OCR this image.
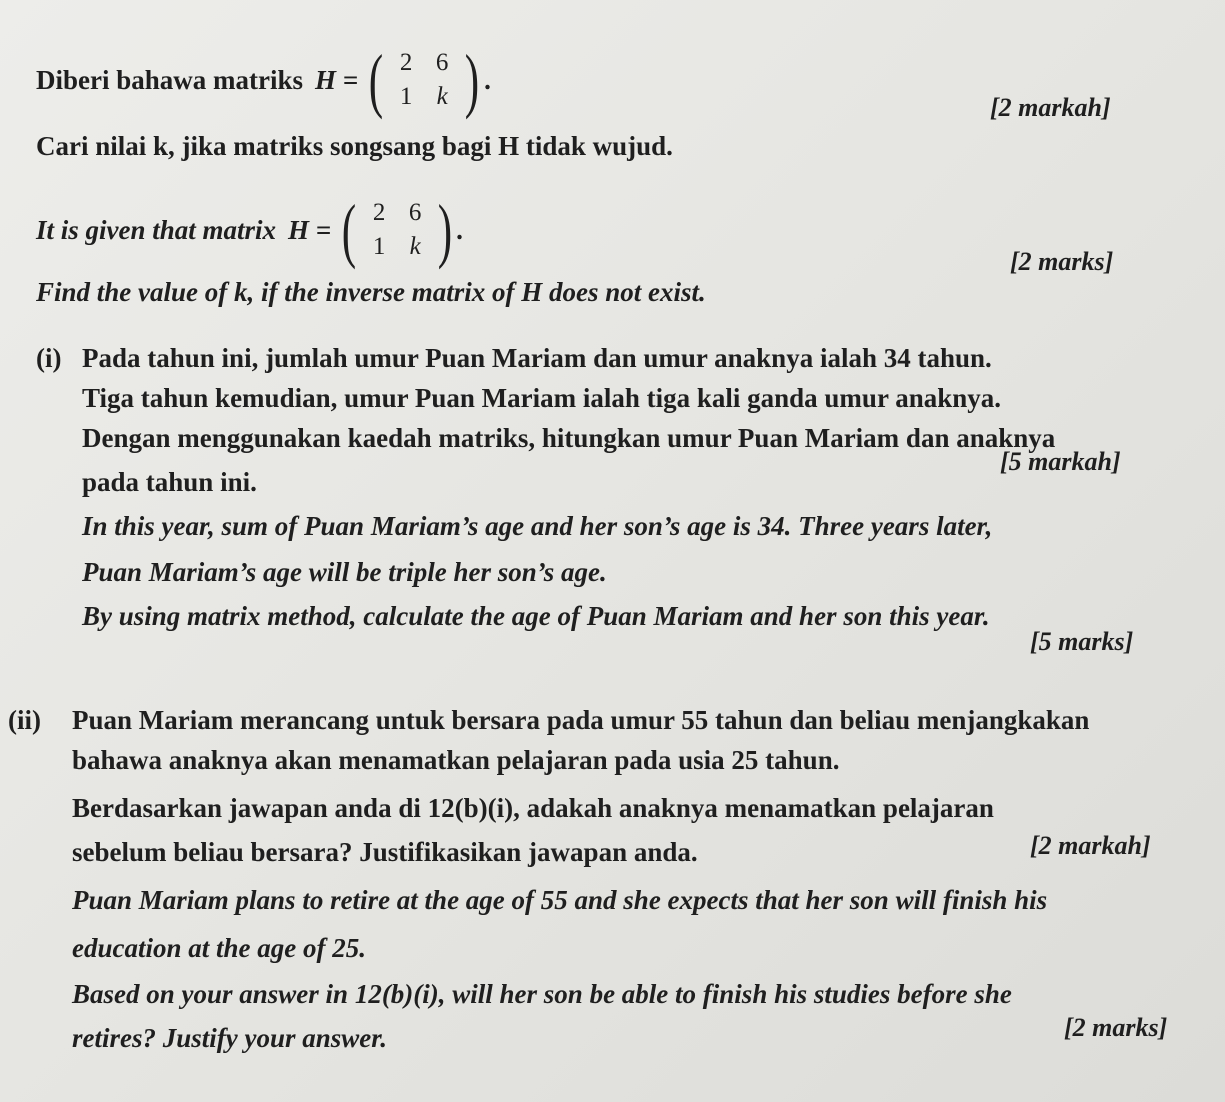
Diberi bahawa matriks H = ( 2 6
1 k ) .
[2 markah]
Cari nilai k, jika matriks songsang bagi H tidak wujud.
It is given that matrix H = ( 2 6
1 k ) .
[2 marks]
Find the value of k, if the inverse matrix of H does not exist.
(i) Pada tahun ini, jumlah umur Puan Mariam dan umur anaknya ialah 34 tahun.
Tiga tahun kemudian, umur Puan Mariam ialah tiga kali ganda umur anaknya.
Dengan menggunakan kaedah matriks, hitungkan umur Puan Mariam dan anaknya
[5 markah]
pada tahun ini.
In this year, sum of Puan Mariam’s age and her son’s age is 34. Three years later,
Puan Mariam’s age will be triple her son’s age.
By using matrix method, calculate the age of Puan Mariam and her son this year.
[5 marks]
(ii) Puan Mariam merancang untuk bersara pada umur 55 tahun dan beliau menjangkakan
bahawa anaknya akan menamatkan pelajaran pada usia 25 tahun.
Berdasarkan jawapan anda di 12(b)(i), adakah anaknya menamatkan pelajaran
sebelum beliau bersara? Justifikasikan jawapan anda.	[2 markah]
Puan Mariam plans to retire at the age of 55 and she expects that her son will finish his
education at the age of 25.
Based on your answer in 12(b)(i), will her son be able to finish his studies before she
retires? Justify your answer.	[2 marks]
